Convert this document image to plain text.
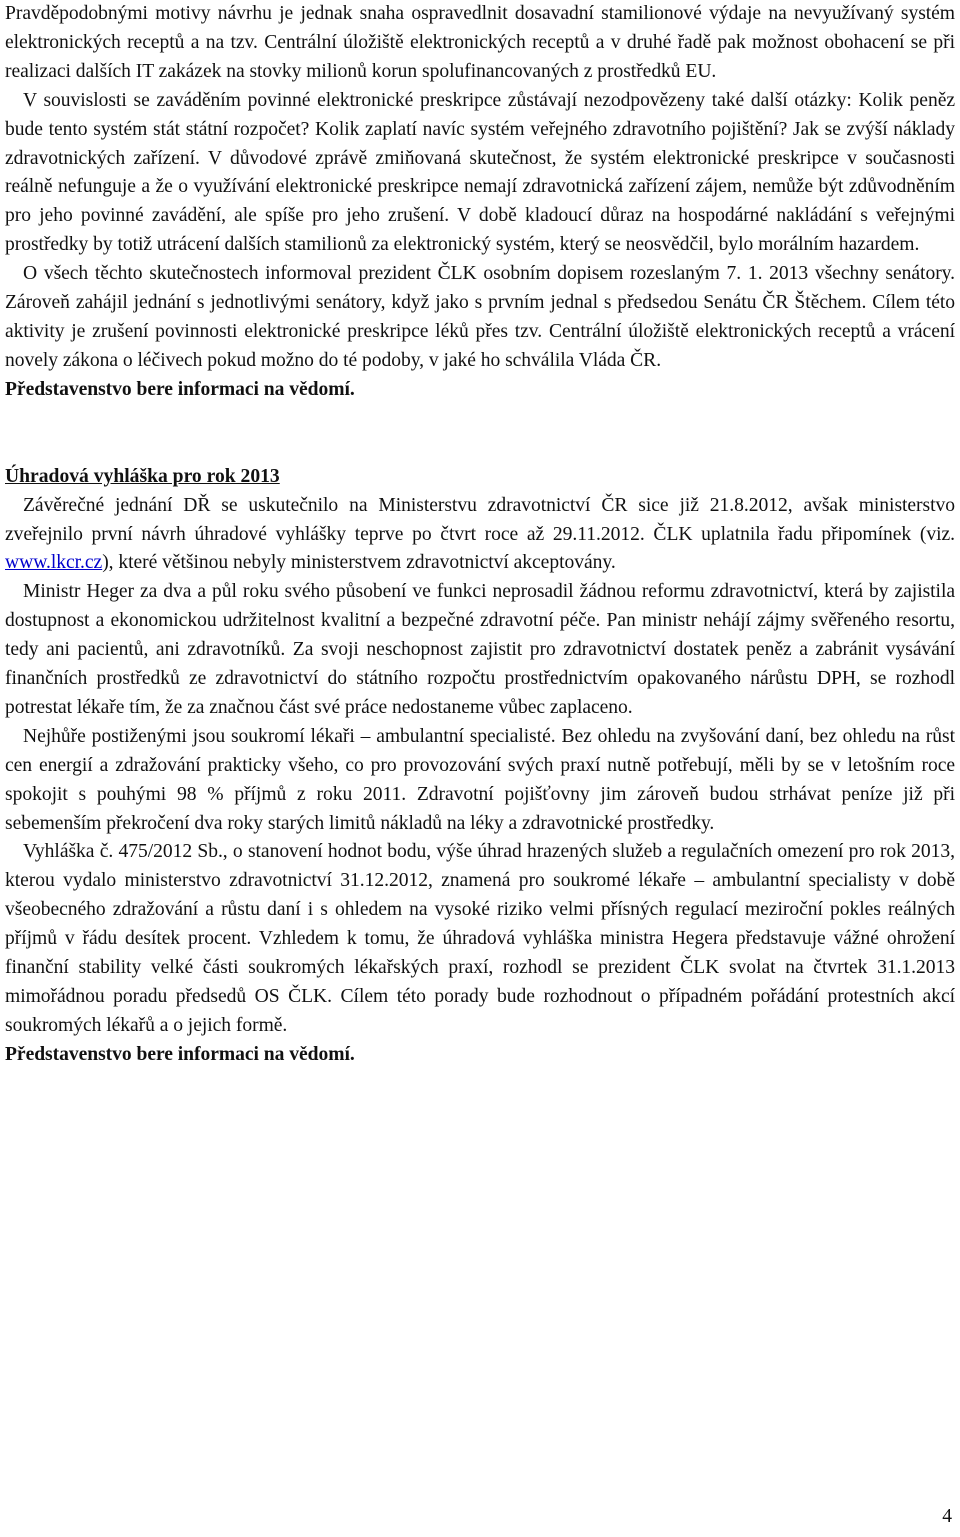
Pravděpodobnými motivy návrhu je jednak snaha ospravedlnit dosavadní stamilionové výdaje na nevyužívaný systém elektronických receptů a na tzv. Centrální úložiště elektronických receptů a v druhé řadě pak možnost obohacení se při realizaci dalších IT zakázek na stovky milionů korun spolufinancovaných z prostředků EU.

V souvislosti se zaváděním povinné elektronické preskripce zůstávají nezodpovězeny také další otázky: Kolik peněz bude tento systém stát státní rozpočet? Kolik zaplatí navíc systém veřejného zdravotního pojištění? Jak se zvýší náklady zdravotnických zařízení. V důvodové zprávě zmiňovaná skutečnost, že systém elektronické preskripce v současnosti reálně nefunguje a že o využívání elektronické preskripce nemají zdravotnická zařízení zájem, nemůže být zdůvodněním pro jeho povinné zavádění, ale spíše pro jeho zrušení. V době kladoucí důraz na hospodárné nakládání s veřejnými prostředky by totiž utrácení dalších stamilionů za elektronický systém, který se neosvědčil, bylo morálním hazardem.

O všech těchto skutečnostech informoval prezident ČLK osobním dopisem rozeslaným 7. 1. 2013 všechny senátory. Zároveň zahájil jednání s jednotlivými senátory, když jako s prvním jednal s předsedou Senátu ČR Štěchem. Cílem této aktivity je zrušení povinnosti elektronické preskripce léků přes tzv. Centrální úložiště elektronických receptů a vrácení novely zákona o léčivech pokud možno do té podoby, v jaké ho schválila Vláda ČR.

Představenstvo bere informaci na vědomí.

Úhradová vyhláška pro rok 2013

Závěrečné jednání DŘ se uskutečnilo na Ministerstvu zdravotnictví ČR sice již 21.8.2012, avšak ministerstvo zveřejnilo první návrh úhradové vyhlášky teprve po čtvrt roce až 29.11.2012. ČLK uplatnila řadu připomínek (viz. www.lkcr.cz), které většinou nebyly ministerstvem zdravotnictví akceptovány.

Ministr Heger za dva a půl roku svého působení ve funkci neprosadil žádnou reformu zdravotnictví, která by zajistila dostupnost a ekonomickou udržitelnost kvalitní a bezpečné zdravotní péče. Pan ministr nehájí zájmy svěřeného resortu, tedy ani pacientů, ani zdravotníků. Za svoji neschopnost zajistit pro zdravotnictví dostatek peněz a zabránit vysávání finančních prostředků ze zdravotnictví do státního rozpočtu prostřednictvím opakovaného nárůstu DPH, se rozhodl potrestat lékaře tím, že za značnou část své práce nedostaneme vůbec zaplaceno.

Nejhůře postiženými jsou soukromí lékaři – ambulantní specialisté. Bez ohledu na zvyšování daní, bez ohledu na růst cen energií a zdražování prakticky všeho, co pro provozování svých praxí nutně potřebují, měli by se v letošním roce spokojit s pouhými 98 % příjmů z roku 2011. Zdravotní pojišťovny jim zároveň budou strhávat peníze již při sebemenším překročení dva roky starých limitů nákladů na léky a zdravotnické prostředky.

Vyhláška č. 475/2012 Sb., o stanovení hodnot bodu, výše úhrad hrazených služeb a regulačních omezení pro rok 2013, kterou vydalo ministerstvo zdravotnictví 31.12.2012, znamená pro soukromé lékaře – ambulantní specialisty v době všeobecného zdražování a růstu daní i s ohledem na vysoké riziko velmi přísných regulací meziroční pokles reálných příjmů v řádu desítek procent. Vzhledem k tomu, že úhradová vyhláška ministra Hegera představuje vážné ohrožení finanční stability velké části soukromých lékařských praxí, rozhodl se prezident ČLK svolat na čtvrtek 31.1.2013 mimořádnou poradu předsedů OS ČLK. Cílem této porady bude rozhodnout o případném pořádání protestních akcí soukromých lékařů a o jejich formě.

Představenstvo bere informaci na vědomí.

4
